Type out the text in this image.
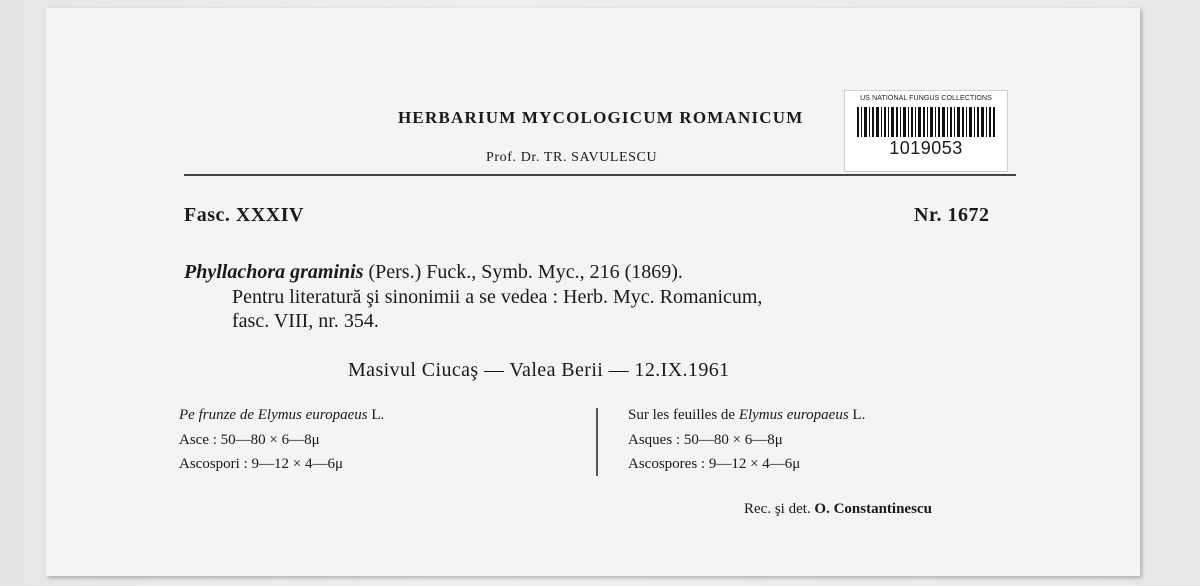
HERBARIUM MYCOLOGICUM ROMANICUM
Prof. Dr. TR. SAVULESCU
US NATIONAL FUNGUS COLLECTIONS
1019053
Fasc. XXXIV	Nr. 1672
Phyllachora graminis (Pers.) Fuck., Symb. Myc., 216 (1869).
Pentru literatură şi sinonimii a se vedea : Herb. Myc. Romanicum,
fasc. VIII, nr. 354.
Masivul Ciucaş — Valea Berii — 12.IX.1961
Pe frunze de Elymus europaeus L.
Asce : 50—80 × 6—8μ
Ascospori : 9—12 × 4—6μ
Sur les feuilles de Elymus europaeus L.
Asques : 50—80 × 6—8μ
Ascospores : 9—12 × 4—6μ
Rec. şi det. O. Constantinescu
